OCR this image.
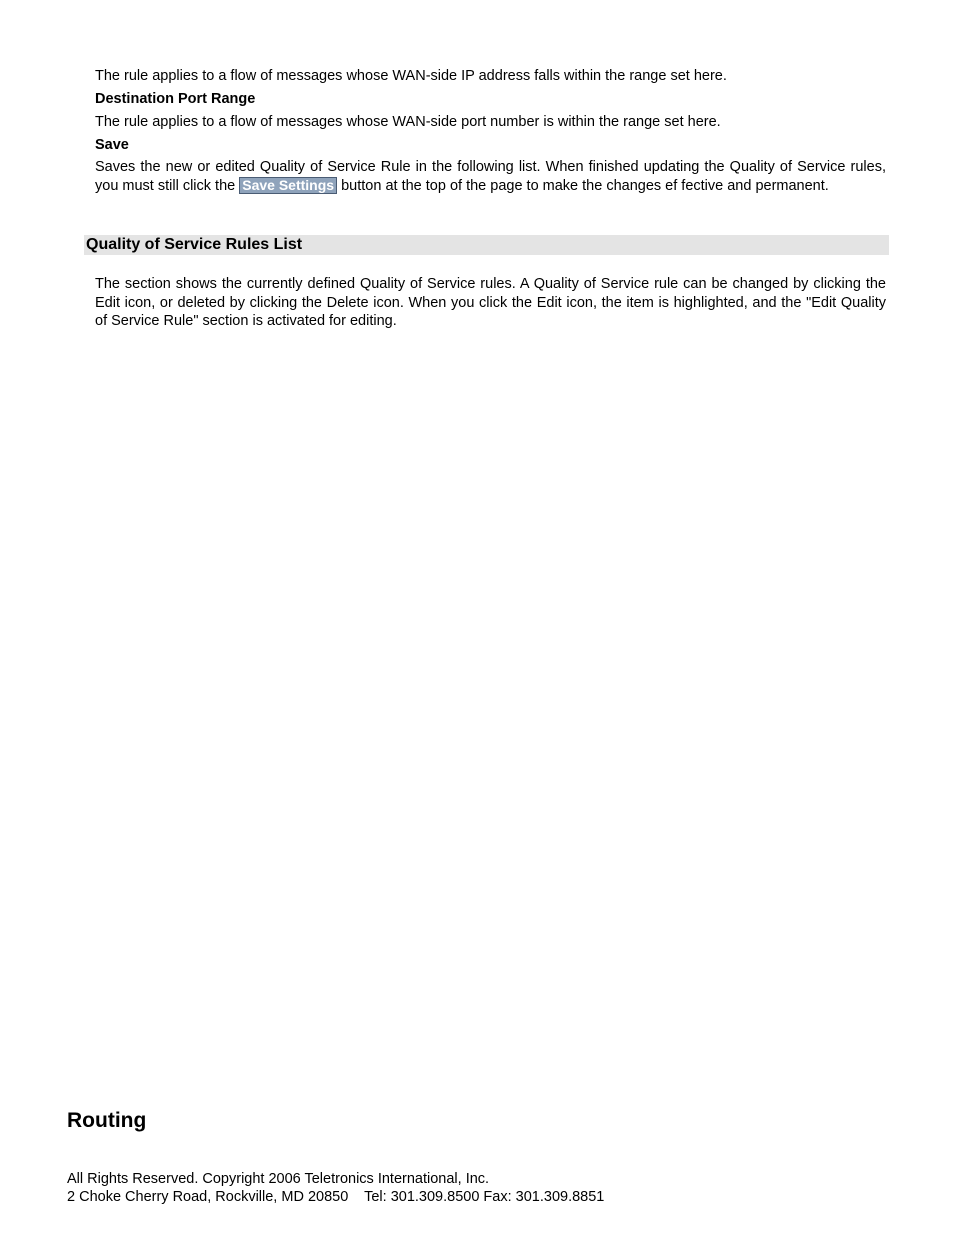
The rule applies to a flow of messages whose WAN-side IP address falls within the range set here.

Destination Port Range

The rule applies to a flow of messages whose WAN-side port number is within the range set here.

Save

Saves the new or edited Quality of Service Rule in the following list. When finished updating the Quality of Service rules, you must still click the Save Settings button at the top of the page to make the changes ef fective and permanent.

Quality of Service Rules List

The section shows the currently defined Quality of Service rules. A Quality of Service rule can be changed by clicking the Edit icon, or deleted by clicking the Delete icon. When you click the Edit icon, the item is highlighted, and the "Edit Quality of Service Rule" section is activated for editing.

Routing

All Rights Reserved. Copyright 2006 Teletronics International, Inc.

2 Choke Cherry Road, Rockville, MD 20850    Tel: 301.309.8500 Fax: 301.309.8851
